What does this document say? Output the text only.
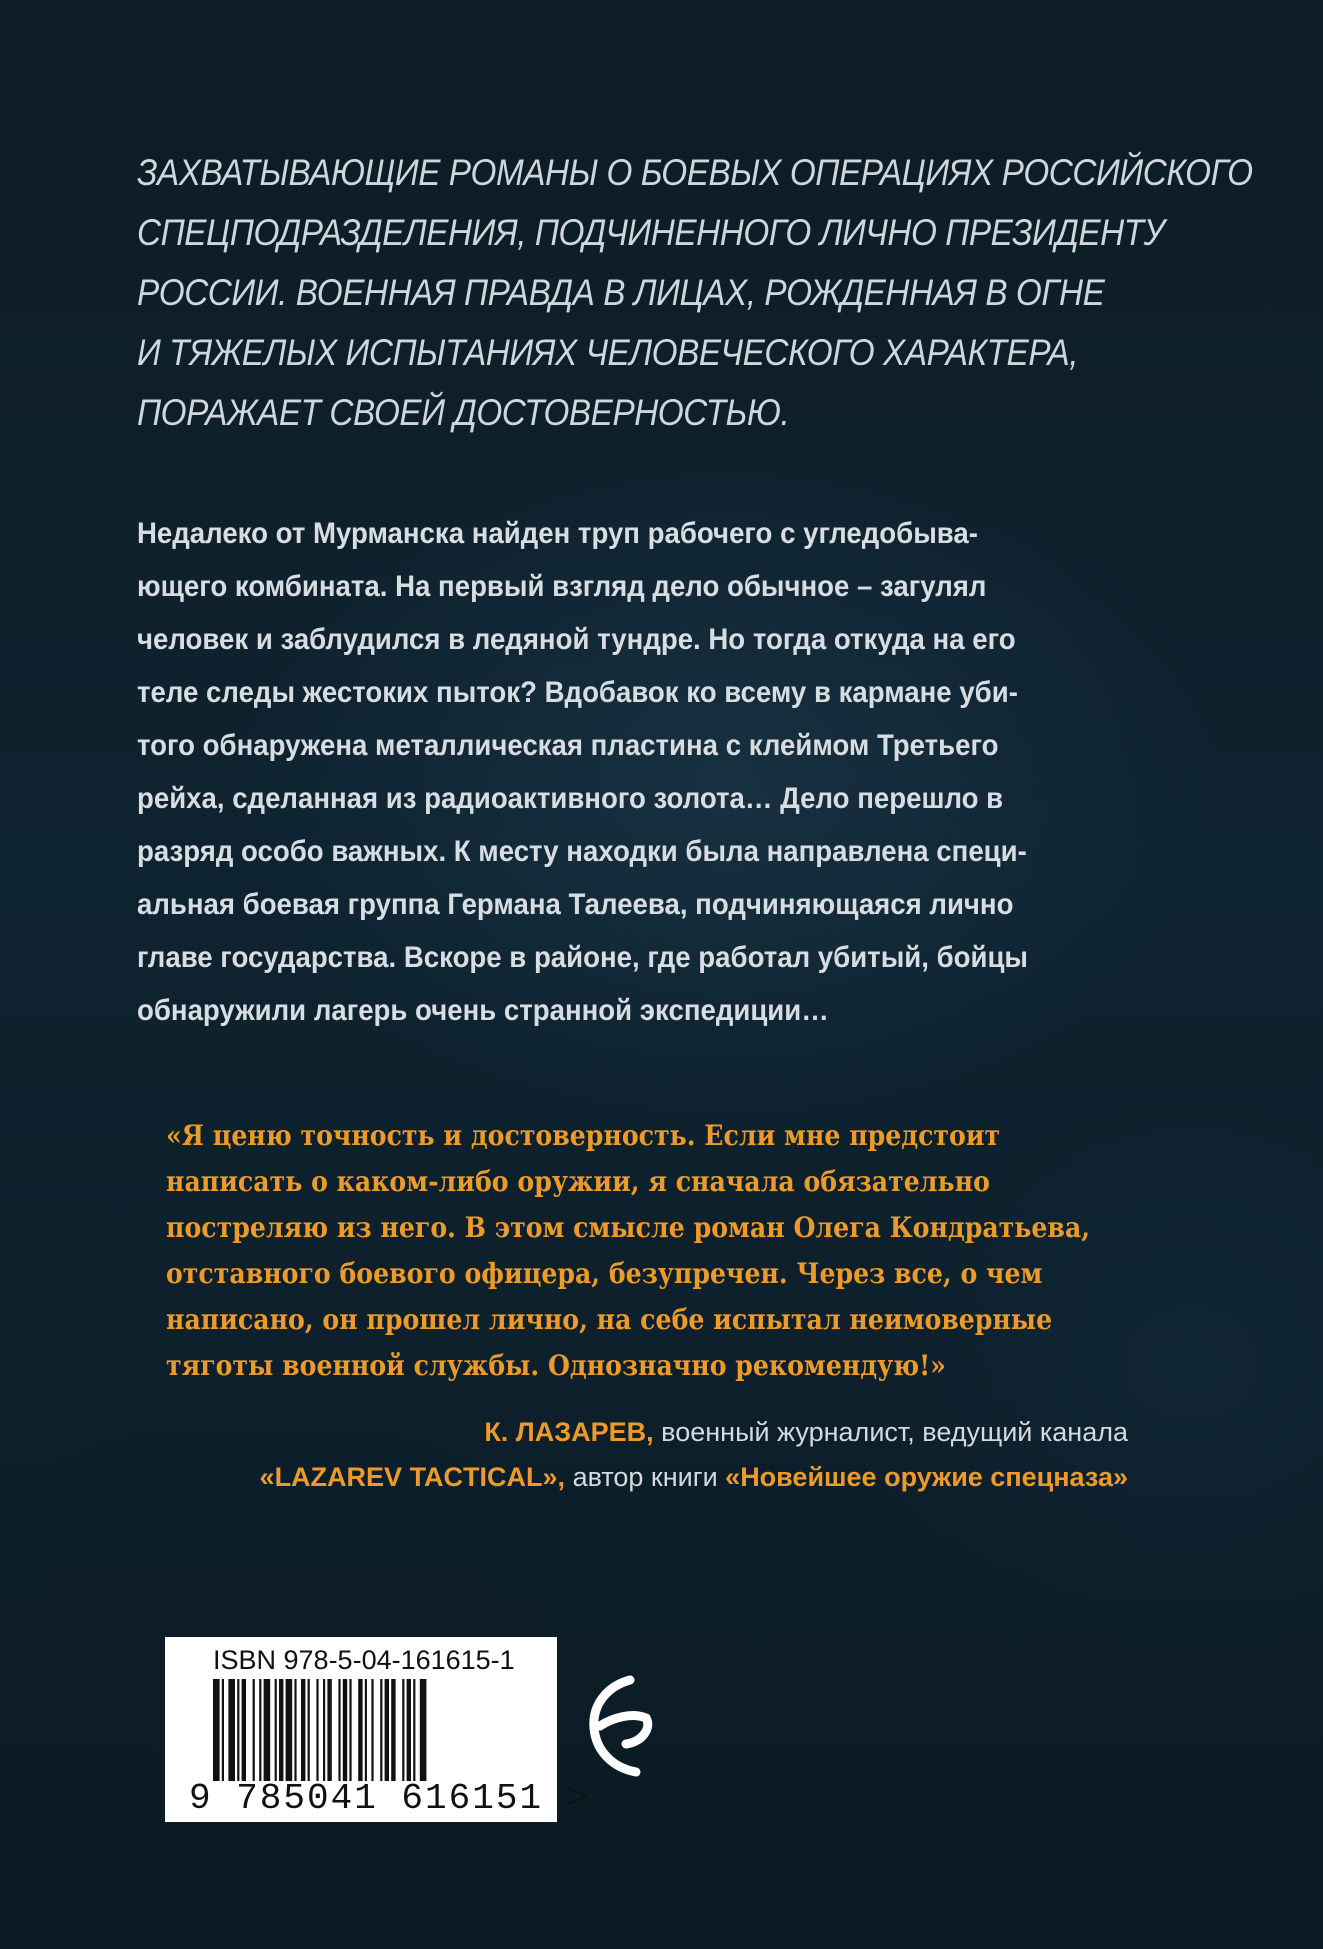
ЗАХВАТЫВАЮЩИЕ РОМАНЫ О БОЕВЫХ ОПЕРАЦИЯХ РОССИЙСКОГО
СПЕЦПОДРАЗДЕЛЕНИЯ, ПОДЧИНЕННОГО ЛИЧНО ПРЕЗИДЕНТУ
РОССИИ. ВОЕННАЯ ПРАВДА В ЛИЦАХ, РОЖДЕННАЯ В ОГНЕ
И ТЯЖЕЛЫХ ИСПЫТАНИЯХ ЧЕЛОВЕЧЕСКОГО ХАРАКТЕРА,
ПОРАЖАЕТ СВОЕЙ ДОСТОВЕРНОСТЬЮ.
Недалеко от Мурманска найден труп рабочего с угледобыва-
ющего комбината. На первый взгляд дело обычное – загулял
человек и заблудился в ледяной тундре. Но тогда откуда на его
теле следы жестоких пыток? Вдобавок ко всему в кармане уби-
того обнаружена металлическая пластина с клеймом Третьего
рейха, сделанная из радиоактивного золота… Дело перешло в
разряд особо важных. К месту находки была направлена специ-
альная боевая группа Германа Талеева, подчиняющаяся лично
главе государства. Вскоре в районе, где работал убитый, бойцы
обнаружили лагерь очень странной экспедиции…
«Я ценю точность и достоверность. Если мне предстоит
написать о каком-либо оружии, я сначала обязательно
постреляю из него. В этом смысле роман Олега Кондратьева,
отставного боевого офицера, безупречен. Через все, о чем
написано, он прошел лично, на себе испытал неимоверные
тяготы военной службы. Однозначно рекомендую!»
К. ЛАЗАРЕВ, военный журналист, ведущий канала
«LAZAREV TACTICAL», автор книги «Новейшее оружие спецназа»
ISBN 978-5-04-161615-1
9 785041 616151 >
